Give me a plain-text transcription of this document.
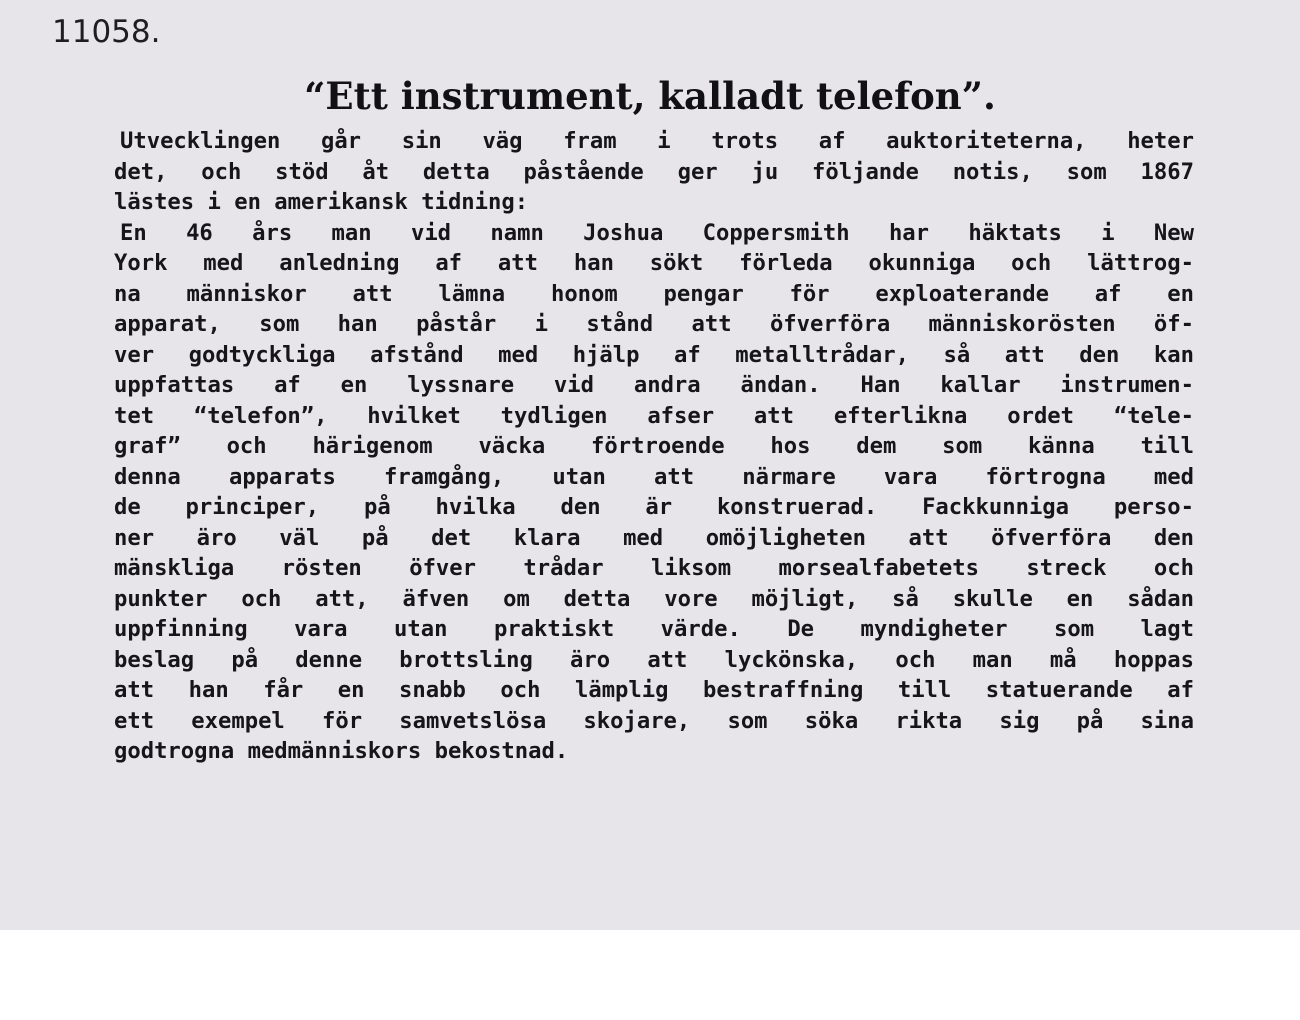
11058.
“Ett instrument, kalladt telefon”.
Utvecklingen går sin väg fram i trots af auktoriteterna, heter
det, och stöd åt detta påstående ger ju följande notis, som 1867
lästes i en amerikansk tidning:
En 46 års man vid namn Joshua Coppersmith har häktats i New
York med anledning af att han sökt förleda okunniga och lättrog-
na människor att lämna honom pengar för exploaterande af en
apparat, som han påstår i stånd att öfverföra människorösten öf-
ver godtyckliga afstånd med hjälp af metalltrådar, så att den kan
uppfattas af en lyssnare vid andra ändan. Han kallar instrumen-
tet “telefon”, hvilket tydligen afser att efterlikna ordet “tele-
graf” och härigenom väcka förtroende hos dem som känna till
denna apparats framgång, utan att närmare vara förtrogna med
de principer, på hvilka den är konstruerad. Fackkunniga perso-
ner äro väl på det klara med omöjligheten att öfverföra den
mänskliga rösten öfver trådar liksom morsealfabetets streck och
punkter och att, äfven om detta vore möjligt, så skulle en sådan
uppfinning vara utan praktiskt värde. De myndigheter som lagt
beslag på denne brottsling äro att lyckönska, och man må hoppas
att han får en snabb och lämplig bestraffning till statuerande af
ett exempel för samvetslösa skojare, som söka rikta sig på sina
godtrogna medmänniskors bekostnad.
